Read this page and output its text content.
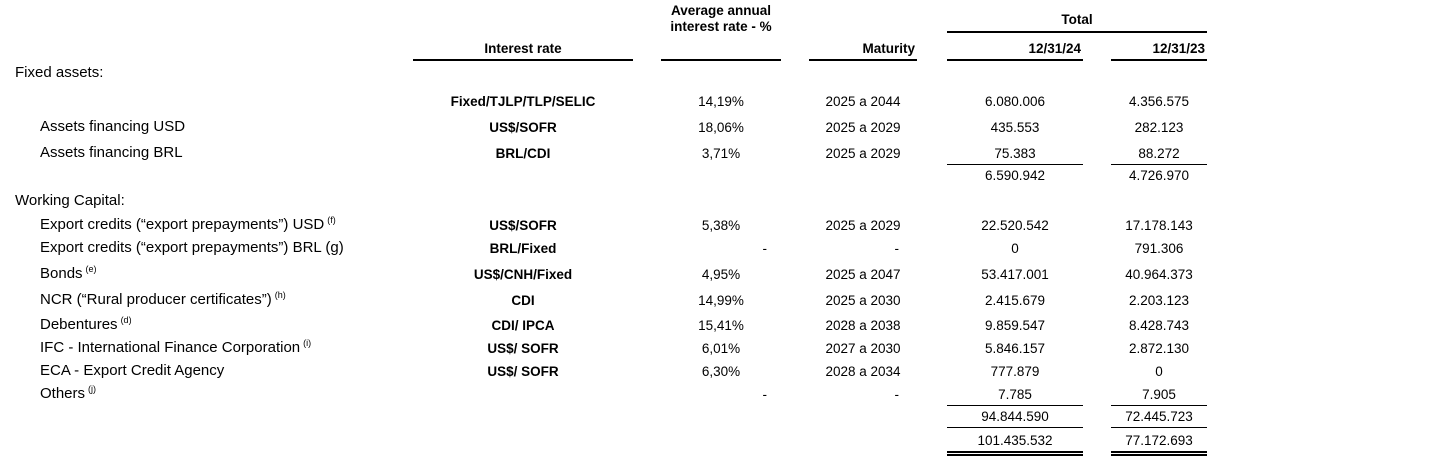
			Average annual
interest rate - %				Total			
	Interest rate				Maturity		12/31/24		12/31/23	
Fixed assets:										
	Fixed/TJLP/TLP/SELIC		14,19%		2025 a 2044		6.080.006		4.356.575	
Assets financing USD	US$/SOFR		18,06%		2025 a 2029		435.553		282.123	
Assets financing BRL	BRL/CDI		3,71%		2025 a 2029		75.383		88.272	
							6.590.942		4.726.970	
Working Capital:										
Export credits (“export prepayments”) USD $^{(f)}$	US$/SOFR		5,38%		2025 a 2029		22.520.542		17.178.143	
Export credits (“export prepayments”) BRL (g)	BRL/Fixed		-		-		0		791.306	
Bonds $^{(e)}$	US$/CNH/Fixed		4,95%		2025 a 2047		53.417.001		40.964.373	
NCR (“Rural producer certificates”) $^{(h)}$	CDI		14,99%		2025 a 2030		2.415.679		2.203.123	
Debentures $^{(d)}$	CDI/ IPCA		15,41%		2028 a 2038		9.859.547		8.428.743	
IFC - International Finance Corporation $^{(i)}$	US$/ SOFR		6,01%		2027 a 2030		5.846.157		2.872.130	
ECA - Export Credit Agency	US$/ SOFR		6,30%		2028 a 2034		777.879		0	
Others $^{(j)}$			-		-		7.785		7.905	
							94.844.590		72.445.723	
							101.435.532		77.172.693	
